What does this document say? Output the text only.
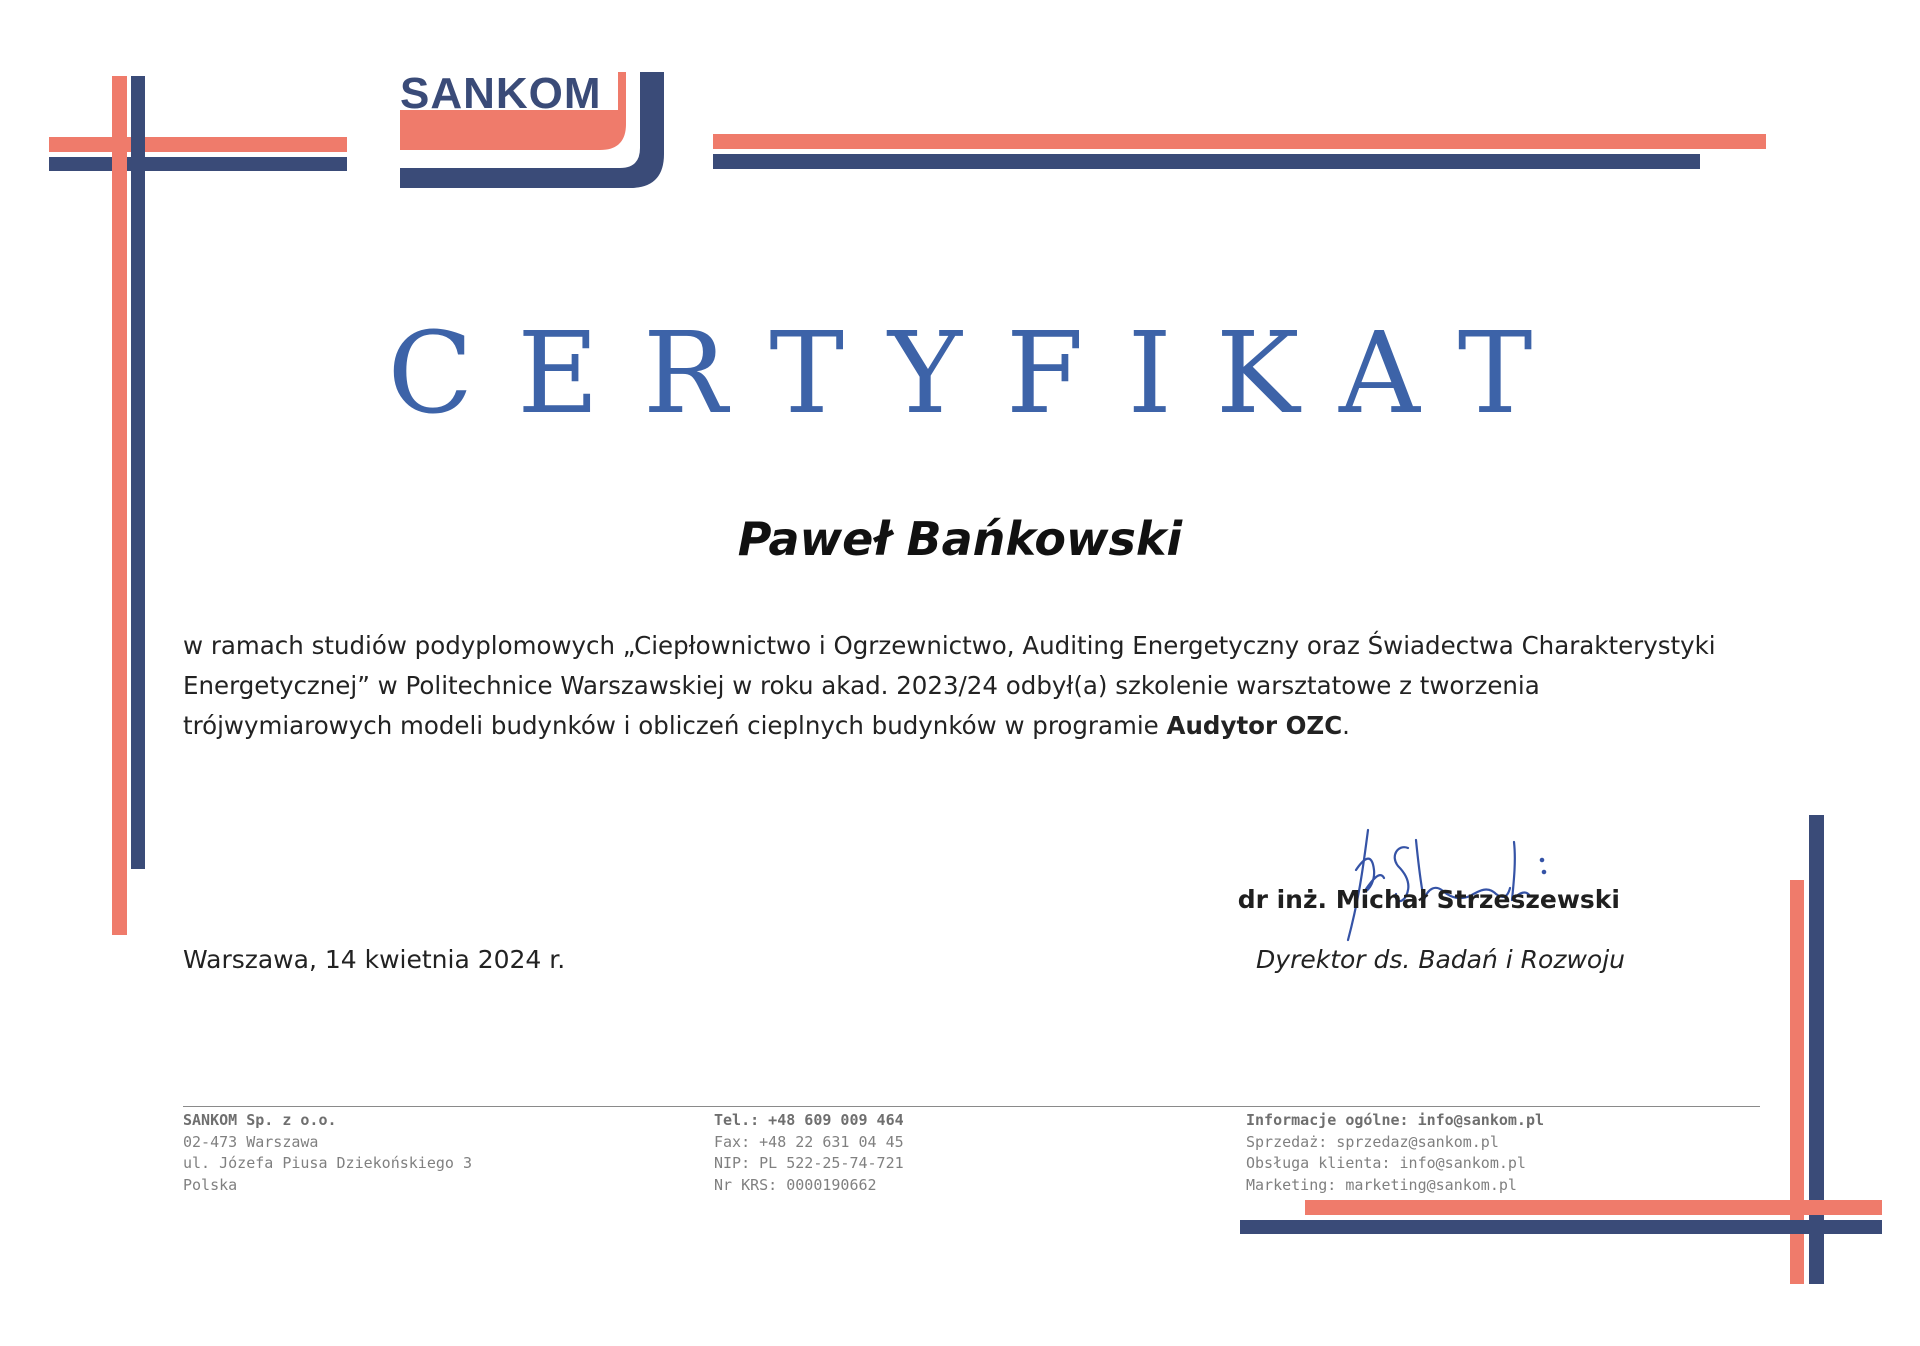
SANKOM
CERTYFIKAT
Paweł Bańkowski
w ramach studiów podyplomowych „Ciepłownictwo i Ogrzewnictwo, Auditing Energetyczny oraz Świadectwa Charakterystyki Energetycznej” w Politechnice Warszawskiej w roku akad. 2023/24 odbył(a) szkolenie warsztatowe z tworzenia trójwymiarowych modeli budynków i obliczeń cieplnych budynków w programie Audytor OZC.
dr inż. Michał Strzeszewski
Dyrektor ds. Badań i Rozwoju
Warszawa, 14 kwietnia 2024 r.
SANKOM Sp. z o.o.
02-473 Warszawa
ul. Józefa Piusa Dziekońskiego 3
Polska
Tel.: +48 609 009 464
Fax: +48 22 631 04 45
NIP: PL 522-25-74-721
Nr KRS: 0000190662
Informacje ogólne: info@sankom.pl
Sprzedaż: sprzedaz@sankom.pl
Obsługa klienta: info@sankom.pl
Marketing: marketing@sankom.pl
